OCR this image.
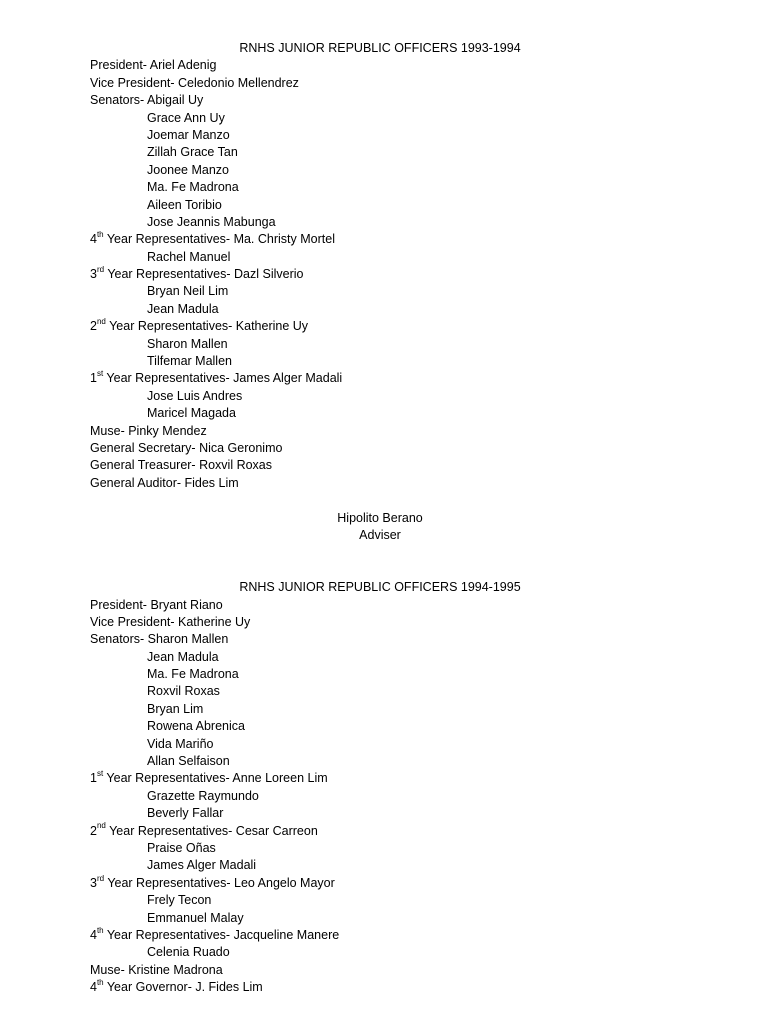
RNHS JUNIOR REPUBLIC OFFICERS 1993-1994
President- Ariel Adenig
Vice President- Celedonio Mellendrez
Senators- Abigail Uy
Grace Ann Uy
Joemar Manzo
Zillah Grace Tan
Joonee Manzo
Ma. Fe Madrona
Aileen Toribio
Jose Jeannis Mabunga
4th Year Representatives- Ma. Christy Mortel
Rachel Manuel
3rd Year Representatives- Dazl Silverio
Bryan Neil Lim
Jean Madula
2nd Year Representatives- Katherine Uy
Sharon Mallen
Tilfemar Mallen
1st Year Representatives- James Alger Madali
Jose Luis Andres
Maricel Magada
Muse- Pinky Mendez
General Secretary- Nica Geronimo
General Treasurer- Roxvil Roxas
General Auditor- Fides Lim
Hipolito Berano
Adviser
RNHS JUNIOR REPUBLIC OFFICERS 1994-1995
President- Bryant Riano
Vice President- Katherine Uy
Senators- Sharon Mallen
Jean Madula
Ma. Fe Madrona
Roxvil Roxas
Bryan Lim
Rowena Abrenica
Vida Mariño
Allan Selfaison
1st Year Representatives- Anne Loreen Lim
Grazette Raymundo
Beverly Fallar
2nd Year Representatives- Cesar Carreon
Praise Oñas
James Alger Madali
3rd Year Representatives- Leo Angelo Mayor
Frely Tecon
Emmanuel Malay
4th Year Representatives- Jacqueline Manere
Celenia Ruado
Muse- Kristine Madrona
4th Year Governor- J. Fides Lim
